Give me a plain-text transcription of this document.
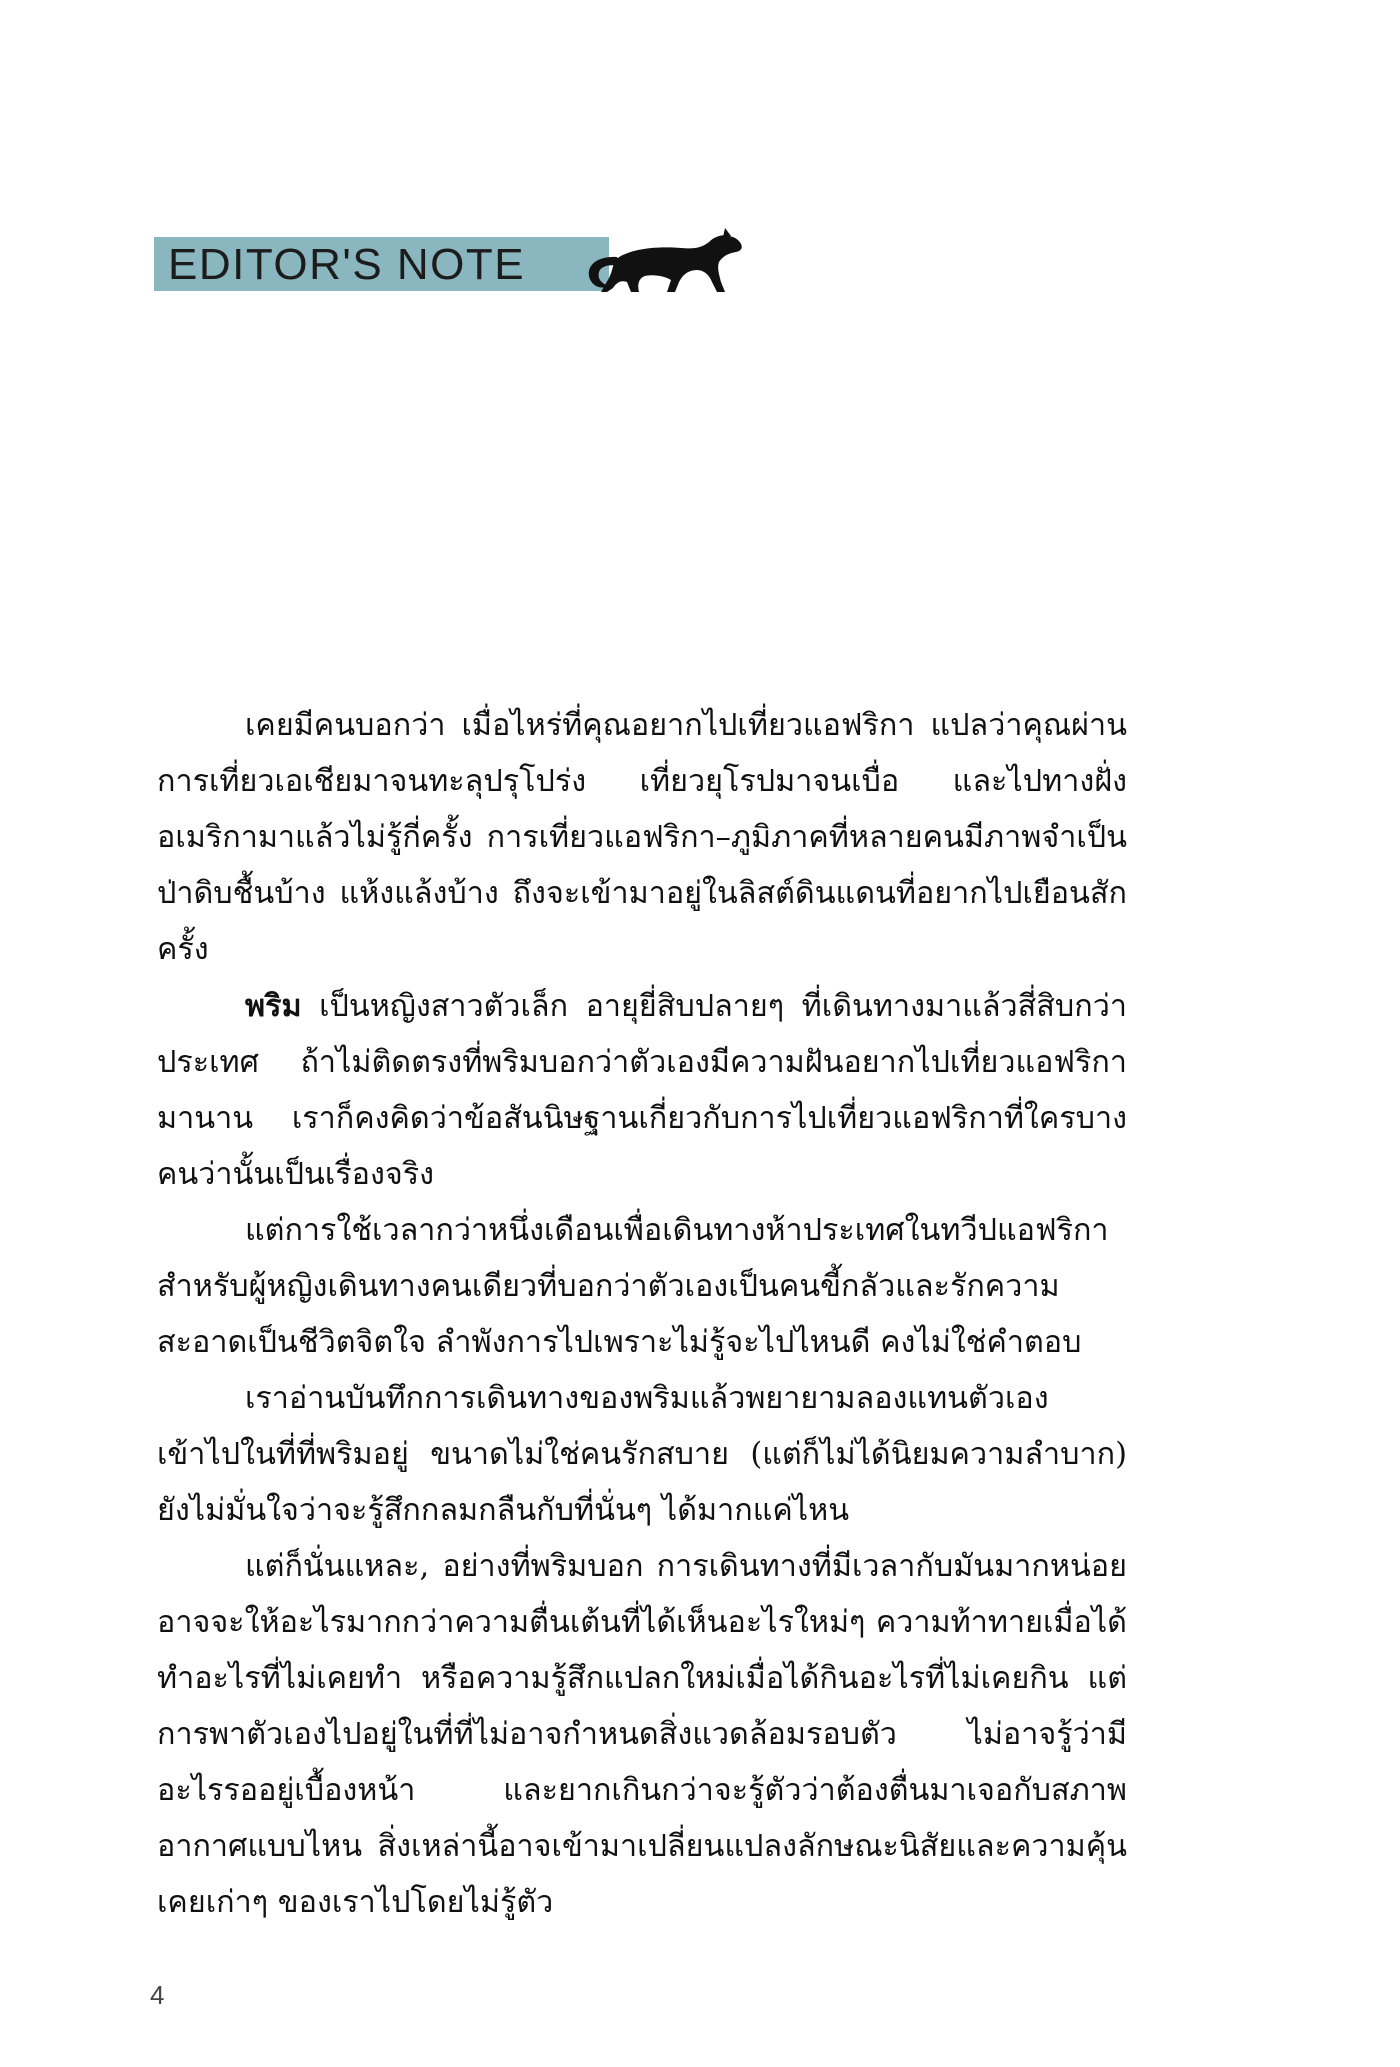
EDITOR'S NOTE

เคยมีคนบอกว่า เมื่อไหร่ที่คุณอยากไปเที่ยวแอฟริกา แปลว่าคุณผ่านการเที่ยวเอเชียมาจนทะลุปรุโปร่ง เที่ยวยุโรปมาจนเบื่อ และไปทางฝั่งอเมริกามาแล้วไม่รู้กี่ครั้ง การเที่ยวแอฟริกา–ภูมิภาคที่หลายคนมีภาพจำเป็นป่าดิบชื้นบ้าง แห้งแล้งบ้าง ถึงจะเข้ามาอยู่ในลิสต์ดินแดนที่อยากไปเยือนสักครั้ง

พริม เป็นหญิงสาวตัวเล็ก อายุยี่สิบปลายๆ ที่เดินทางมาแล้วสี่สิบกว่าประเทศ ถ้าไม่ติดตรงที่พริมบอกว่าตัวเองมีความฝันอยากไปเที่ยวแอฟริกามานาน เราก็คงคิดว่าข้อสันนิษฐานเกี่ยวกับการไปเที่ยวแอฟริกาที่ใครบางคนว่านั้นเป็นเรื่องจริง

แต่การใช้เวลากว่าหนึ่งเดือนเพื่อเดินทางห้าประเทศในทวีปแอฟริกาสำหรับผู้หญิงเดินทางคนเดียวที่บอกว่าตัวเองเป็นคนขี้กลัวและรักความสะอาดเป็นชีวิตจิตใจ ลำพังการไปเพราะไม่รู้จะไปไหนดี คงไม่ใช่คำตอบ

เราอ่านบันทึกการเดินทางของพริมแล้วพยายามลองแทนตัวเองเข้าไปในที่ที่พริมอยู่ ขนาดไม่ใช่คนรักสบาย (แต่ก็ไม่ได้นิยมความลำบาก) ยังไม่มั่นใจว่าจะรู้สึกกลมกลืนกับที่นั่นๆ ได้มากแค่ไหน

แต่ก็นั่นแหละ, อย่างที่พริมบอก การเดินทางที่มีเวลากับมันมากหน่อยอาจจะให้อะไรมากกว่าความตื่นเต้นที่ได้เห็นอะไรใหม่ๆ ความท้าทายเมื่อได้ทำอะไรที่ไม่เคยทำ หรือความรู้สึกแปลกใหม่เมื่อได้กินอะไรที่ไม่เคยกิน แต่การพาตัวเองไปอยู่ในที่ที่ไม่อาจกำหนดสิ่งแวดล้อมรอบตัว ไม่อาจรู้ว่ามีอะไรรออยู่เบื้องหน้า และยากเกินกว่าจะรู้ตัวว่าต้องตื่นมาเจอกับสภาพอากาศแบบไหน สิ่งเหล่านี้อาจเข้ามาเปลี่ยนแปลงลักษณะนิสัยและความคุ้นเคยเก่าๆ ของเราไปโดยไม่รู้ตัว

4
